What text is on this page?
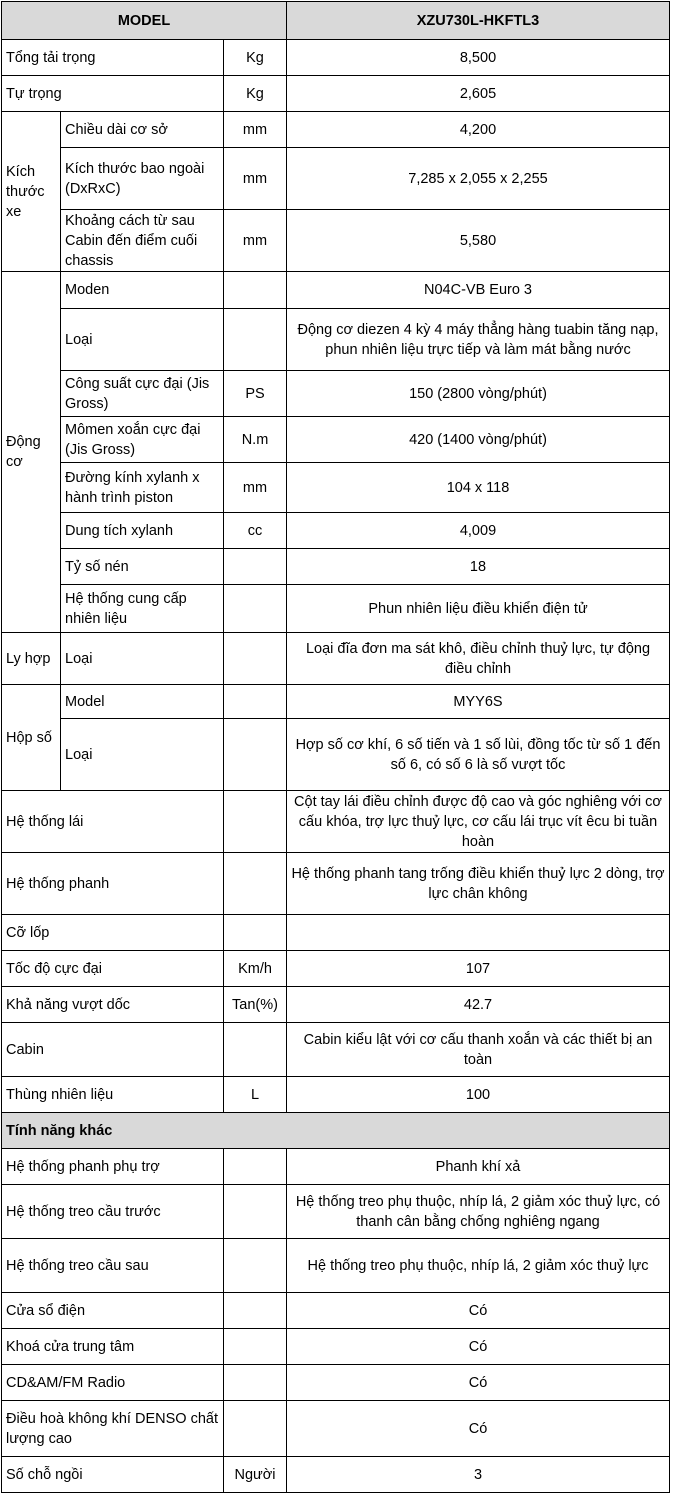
MODEL			XZU730L-HKFTL3
Tổng tải trọng		Kg	8,500
Tự trọng		Kg	2,605
Kích thước xe	Chiều dài cơ sở	mm	4,200
	Kích thước bao ngoài (DxRxC)	mm	7,285 x 2,055 x 2,255
	Khoảng cách từ sau Cabin đến điểm cuối chassis	mm	5,580
Động cơ	Moden		N04C-VB Euro 3
	Loại		Động cơ diezen 4 kỳ 4 máy thẳng hàng tuabin tăng nạp, phun nhiên liệu trực tiếp và làm mát bằng nước
	Công suất cực đại (Jis Gross)	PS	150 (2800 vòng/phút)
	Mômen xoắn cực đại (Jis Gross)	N.m	420 (1400 vòng/phút)
	Đường kính xylanh x hành trình piston	mm	104 x 118
	Dung tích xylanh	cc	4,009
	Tỷ số nén		18
	Hệ thống cung cấp nhiên liệu		Phun nhiên liệu điều khiển điện tử
Ly hợp	Loại		Loại đĩa đơn ma sát khô, điều chỉnh thuỷ lực, tự động điều chỉnh
Hộp số	Model		MYY6S
	Loại		Hợp số cơ khí, 6 số tiến và 1 số lùi, đồng tốc từ số 1 đến số 6, có số 6 là số vượt tốc
Hệ thống lái			Cột tay lái điều chỉnh được độ cao và góc nghiêng với cơ cấu khóa, trợ lực thuỷ lực, cơ cấu lái trục vít êcu bi tuần hoàn
Hệ thống phanh			Hệ thống phanh tang trống điều khiển thuỷ lực 2 dòng, trợ lực chân không
Cỡ lốp			
Tốc độ cực đại		Km/h	107
Khả năng vượt dốc		Tan(%)	42.7
Cabin			Cabin kiểu lật với cơ cấu thanh xoắn và các thiết bị an toàn
Thùng nhiên liệu		L	100
Tính năng khác			
Hệ thống phanh phụ trợ			Phanh khí xả
Hệ thống treo cầu trước			Hệ thống treo phụ thuộc, nhíp lá, 2 giảm xóc thuỷ lực, có thanh cân bằng chống nghiêng ngang
Hệ thống treo cầu sau			Hệ thống treo phụ thuộc, nhíp lá, 2 giảm xóc thuỷ lực
Cửa sổ điện			Có
Khoá cửa trung tâm			Có
CD&AM/FM Radio			Có
Điều hoà không khí DENSO chất lượng cao			Có
Số chỗ ngồi		Người	3
